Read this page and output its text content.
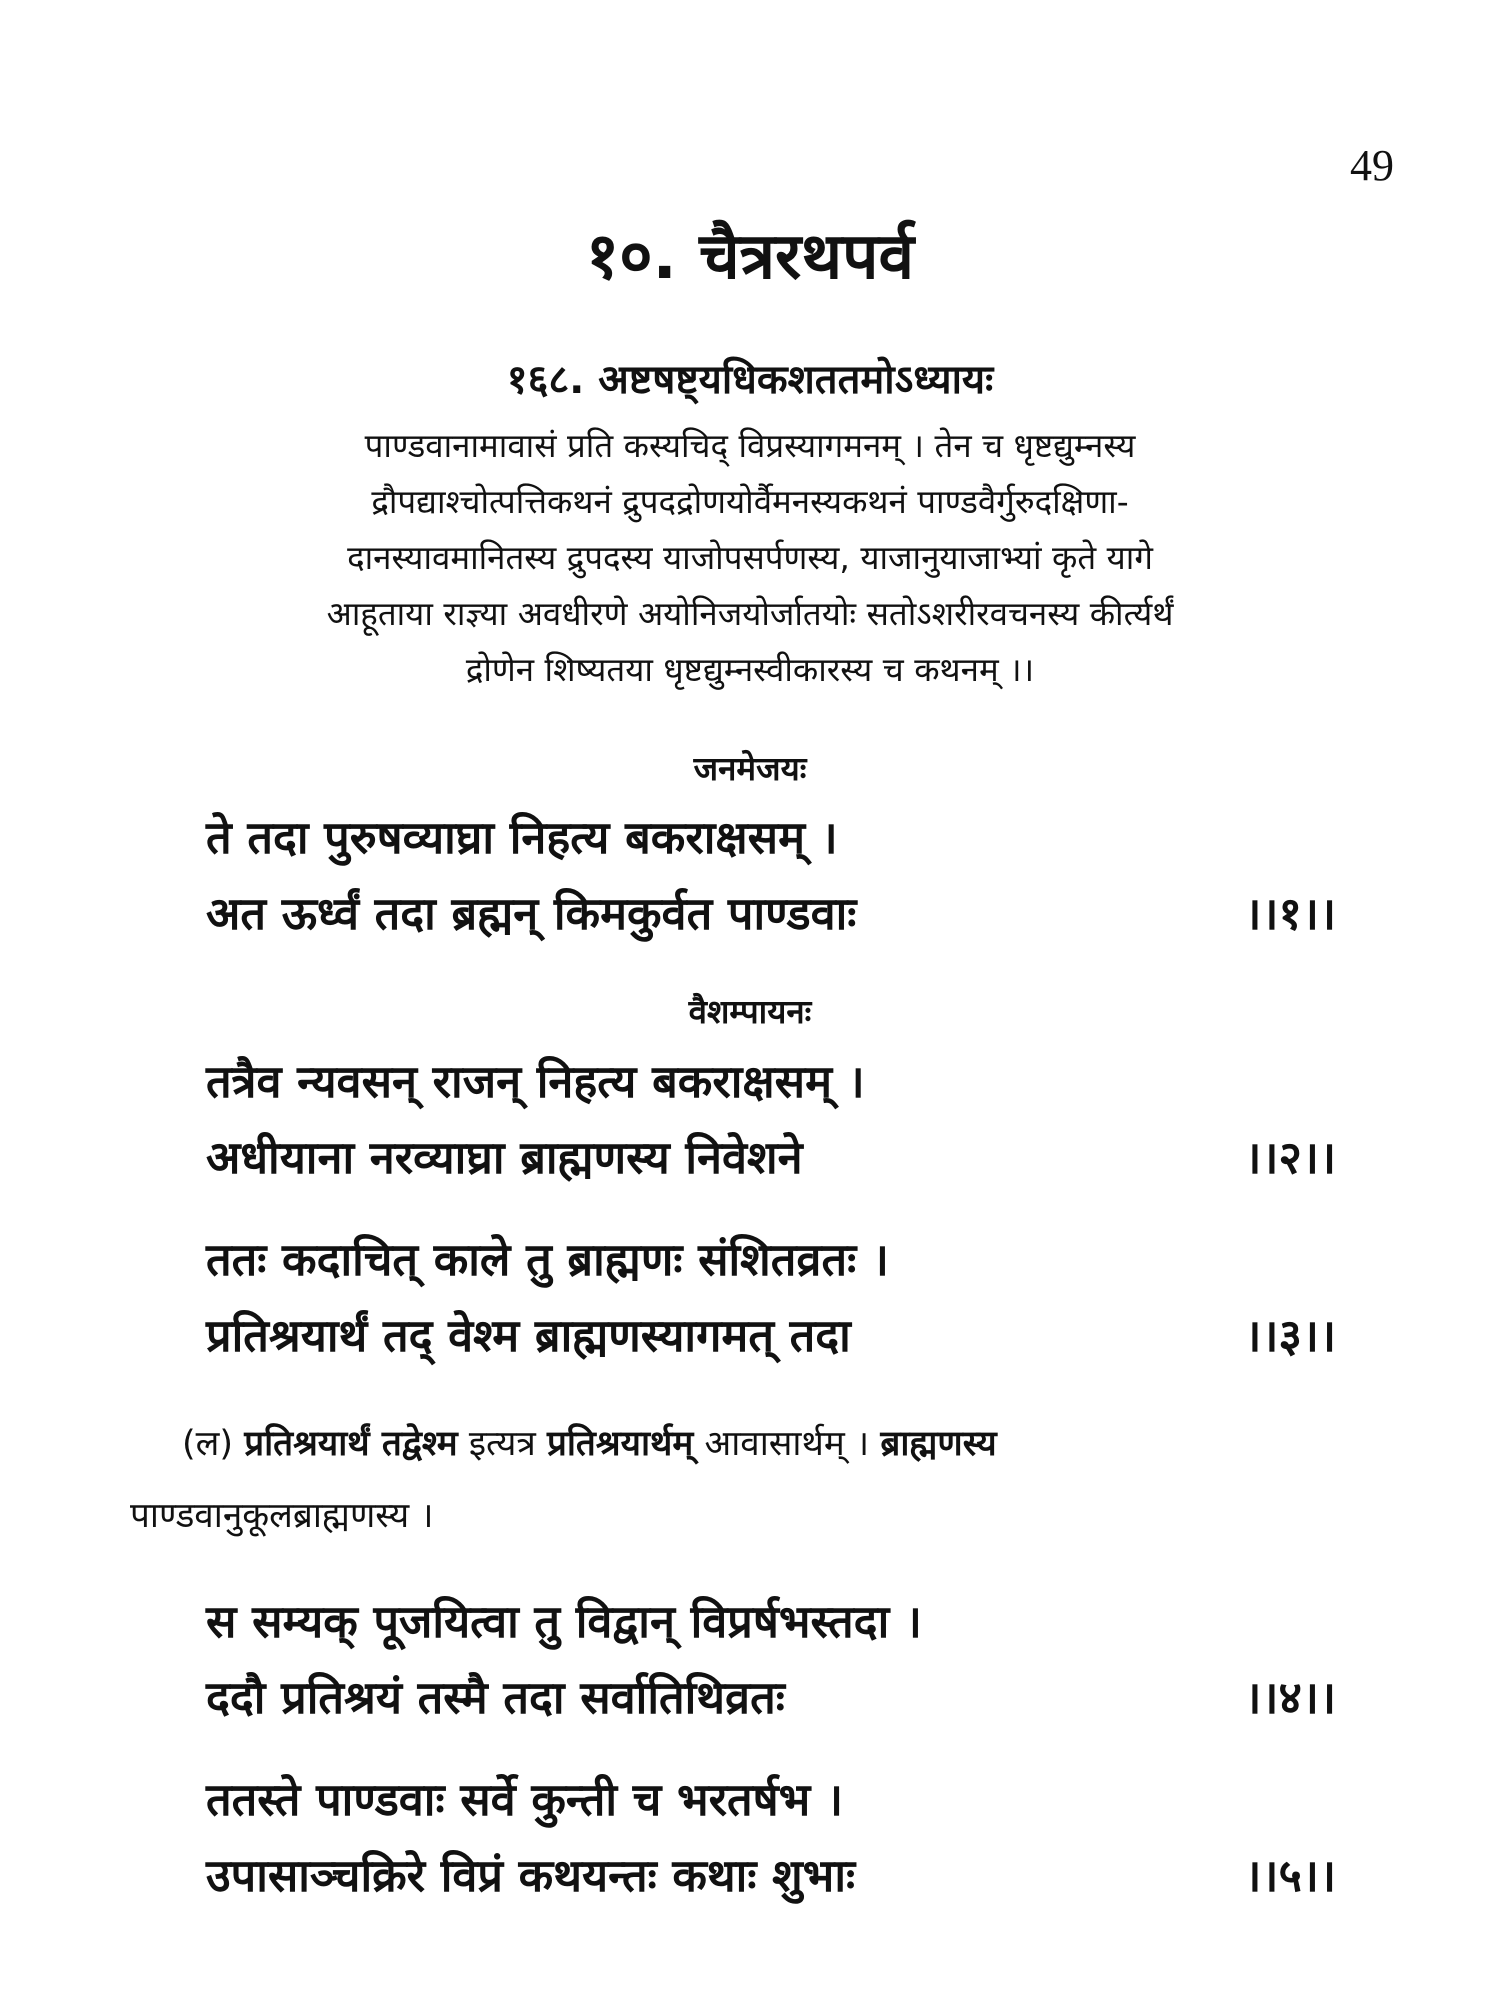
49
१०. चैत्ररथपर्व
१६८. अष्टषष्ट्यधिकशततमोऽध्यायः
पाण्डवानामावासं प्रति कस्यचिद् विप्रस्यागमनम् । तेन च धृष्टद्युम्नस्य
द्रौपद्याश्चोत्पत्तिकथनं द्रुपदद्रोणयोर्वैमनस्यकथनं पाण्डवैर्गुरुदक्षिणा-
दानस्यावमानितस्य द्रुपदस्य याजोपसर्पणस्य, याजानुयाजाभ्यां कृते यागे
आहूताया राज्ञ्या अवधीरणे अयोनिजयोर्जातयोः सतोऽशरीरवचनस्य कीर्त्यर्थं
द्रोणेन शिष्यतया धृष्टद्युम्नस्वीकारस्य च कथनम् ।।
जनमेजयः
ते तदा पुरुषव्याघ्रा निहत्य बकराक्षसम् ।
अत ऊर्ध्वं तदा ब्रह्मन् किमकुर्वत पाण्डवाः	।।१।।
वैशम्पायनः
तत्रैव न्यवसन् राजन् निहत्य बकराक्षसम् ।
अधीयाना नरव्याघ्रा ब्राह्मणस्य निवेशने	।।२।।
ततः कदाचित् काले तु ब्राह्मणः संशितव्रतः ।
प्रतिश्रयार्थं तद् वेश्म ब्राह्मणस्यागमत् तदा	।।३।।
(ल) प्रतिश्रयार्थं तद्वेश्म इत्यत्र प्रतिश्रयार्थम् आवासार्थम् । ब्राह्मणस्य
पाण्डवानुकूलब्राह्मणस्य ।
स सम्यक् पूजयित्वा तु विद्वान् विप्रर्षभस्तदा ।
ददौ प्रतिश्रयं तस्मै तदा सर्वातिथिव्रतः	।।४।।
ततस्ते पाण्डवाः सर्वे कुन्ती च भरतर्षभ ।
उपासाञ्चक्रिरे विप्रं कथयन्तः कथाः शुभाः	।।५।।
